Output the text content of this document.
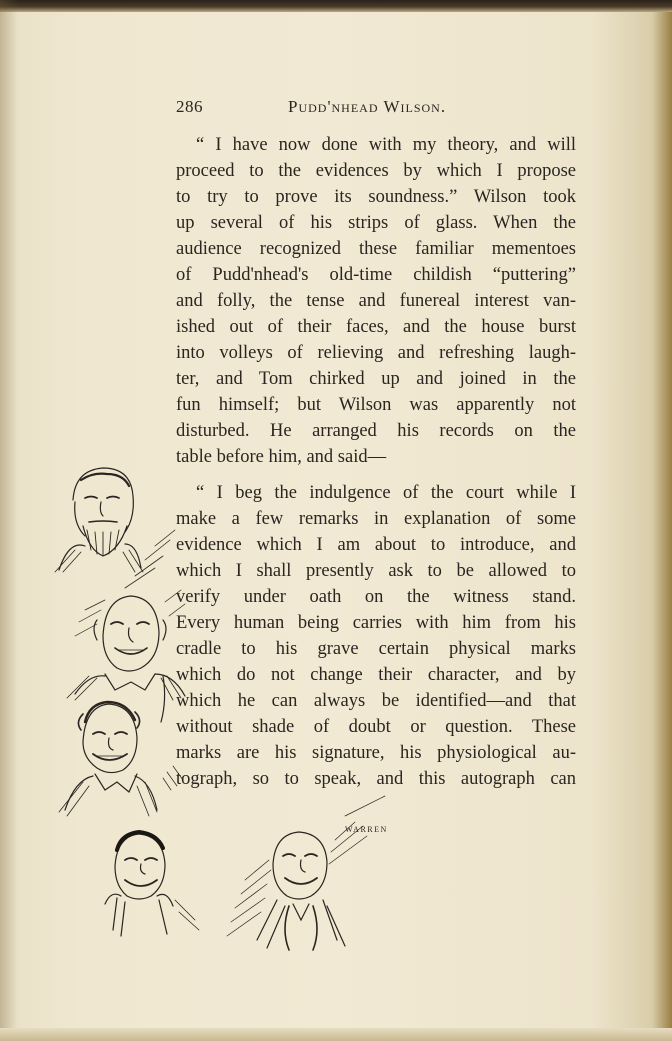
286	Pudd'nhead Wilson.
“ I have now done with my theory, and will
proceed to the evidences by which I propose
to try to prove its soundness.” Wilson took
up several of his strips of glass. When the
audience recognized these familiar mementoes
of Pudd'nhead's old-time childish “puttering”
and folly, the tense and funereal interest van-
ished out of their faces, and the house burst
into volleys of relieving and refreshing laugh-
ter, and Tom chirked up and joined in the
fun himself; but Wilson was apparently not
disturbed. He arranged his records on the
table before him, and said—
“ I beg the indulgence of the court while I
make a few remarks in explanation of some
evidence which I am about to introduce, and
which I shall presently ask to be allowed to
verify under oath on the witness stand.
Every human being carries with him from his
cradle to his grave certain physical marks
which do not change their character, and by
which he can always be identified—and that
without shade of doubt or question. These
marks are his signature, his physiological au-
tograph, so to speak, and this autograph can
WARREN
